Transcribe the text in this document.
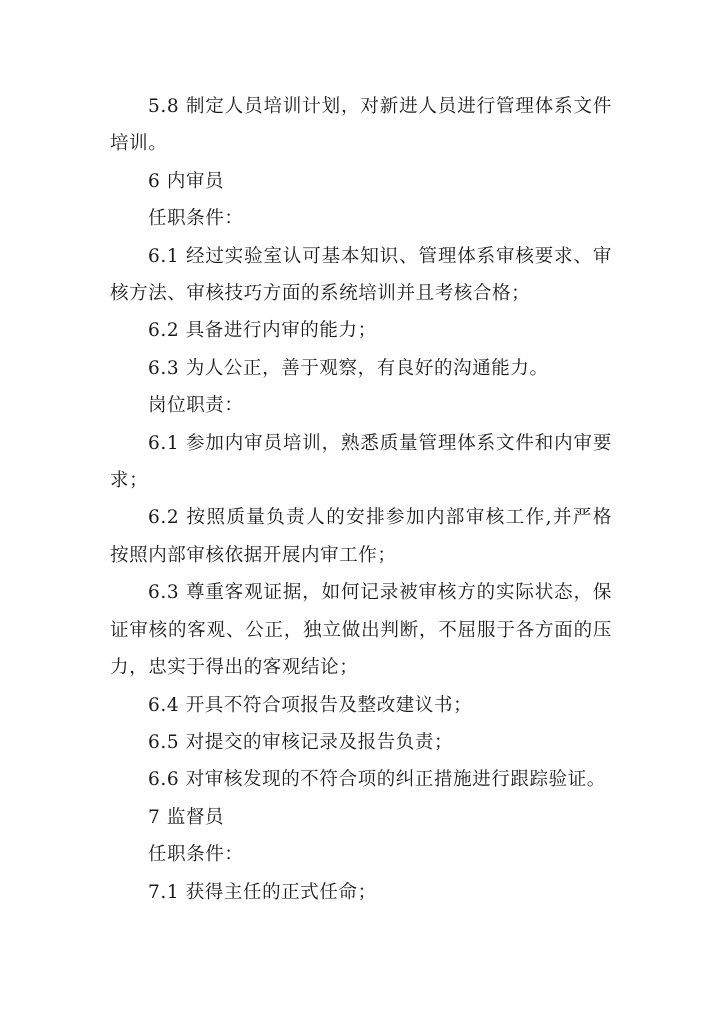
5.8 制定人员培训计划，对新进人员进行管理体系文件培训。

6 内审员

任职条件：

6.1 经过实验室认可基本知识、管理体系审核要求、审核方法、审核技巧方面的系统培训并且考核合格；

6.2 具备进行内审的能力；

6.3 为人公正，善于观察，有良好的沟通能力。

岗位职责：

6.1 参加内审员培训，熟悉质量管理体系文件和内审要求；

6.2 按照质量负责人的安排参加内部审核工作,并严格按照内部审核依据开展内审工作；

6.3 尊重客观证据，如何记录被审核方的实际状态，保证审核的客观、公正，独立做出判断，不屈服于各方面的压力，忠实于得出的客观结论；

6.4 开具不符合项报告及整改建议书；

6.5 对提交的审核记录及报告负责；

6.6 对审核发现的不符合项的纠正措施进行跟踪验证。

7 监督员

任职条件：

7.1 获得主任的正式任命；
